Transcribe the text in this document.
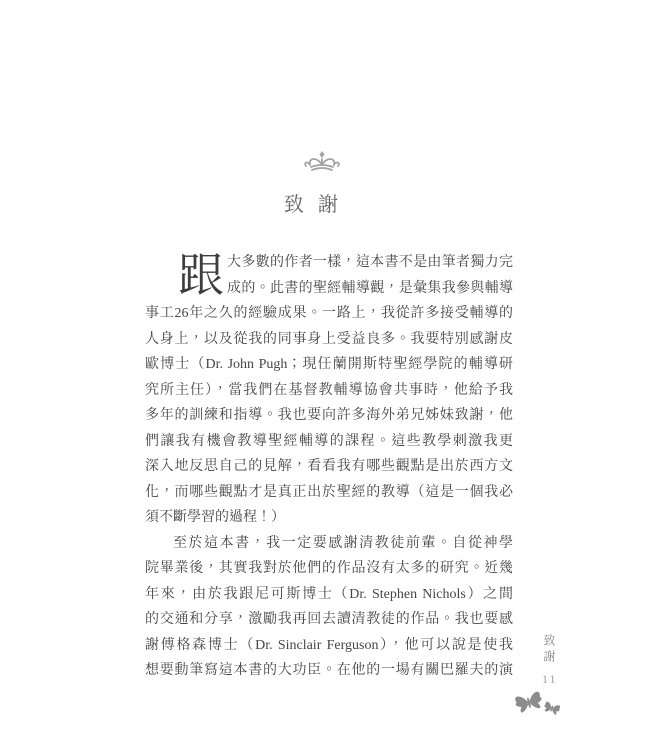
致謝
跟 大多數的作者一樣，這本書不是由筆者獨力完
成的。此書的聖經輔導觀，是彙集我參與輔導
事工26年之久的經驗成果。一路上，我從許多接受輔導的
人身上，以及從我的同事身上受益良多。我要特別感謝皮
歐博士（Dr. John Pugh；現任蘭開斯特聖經學院的輔導研
究所主任），當我們在基督教輔導協會共事時，他給予我
多年的訓練和指導。我也要向許多海外弟兄姊妹致謝，他
們讓我有機會教導聖經輔導的課程。這些教學刺激我更
深入地反思自己的見解，看看我有哪些觀點是出於西方文
化，而哪些觀點才是真正出於聖經的教導（這是一個我必
須不斷學習的過程！）
至於這本書，我一定要感謝清教徒前輩。自從神學
院畢業後，其實我對於他們的作品沒有太多的研究。近幾
年來，由於我跟尼可斯博士（Dr. Stephen Nichols）之間
的交通和分享，激勵我再回去讀清教徒的作品。我也要感
謝傅格森博士（Dr. Sinclair Ferguson），他可以說是使我
想要動筆寫這本書的大功臣。在他的一場有關巴羅夫的演
致謝
11
